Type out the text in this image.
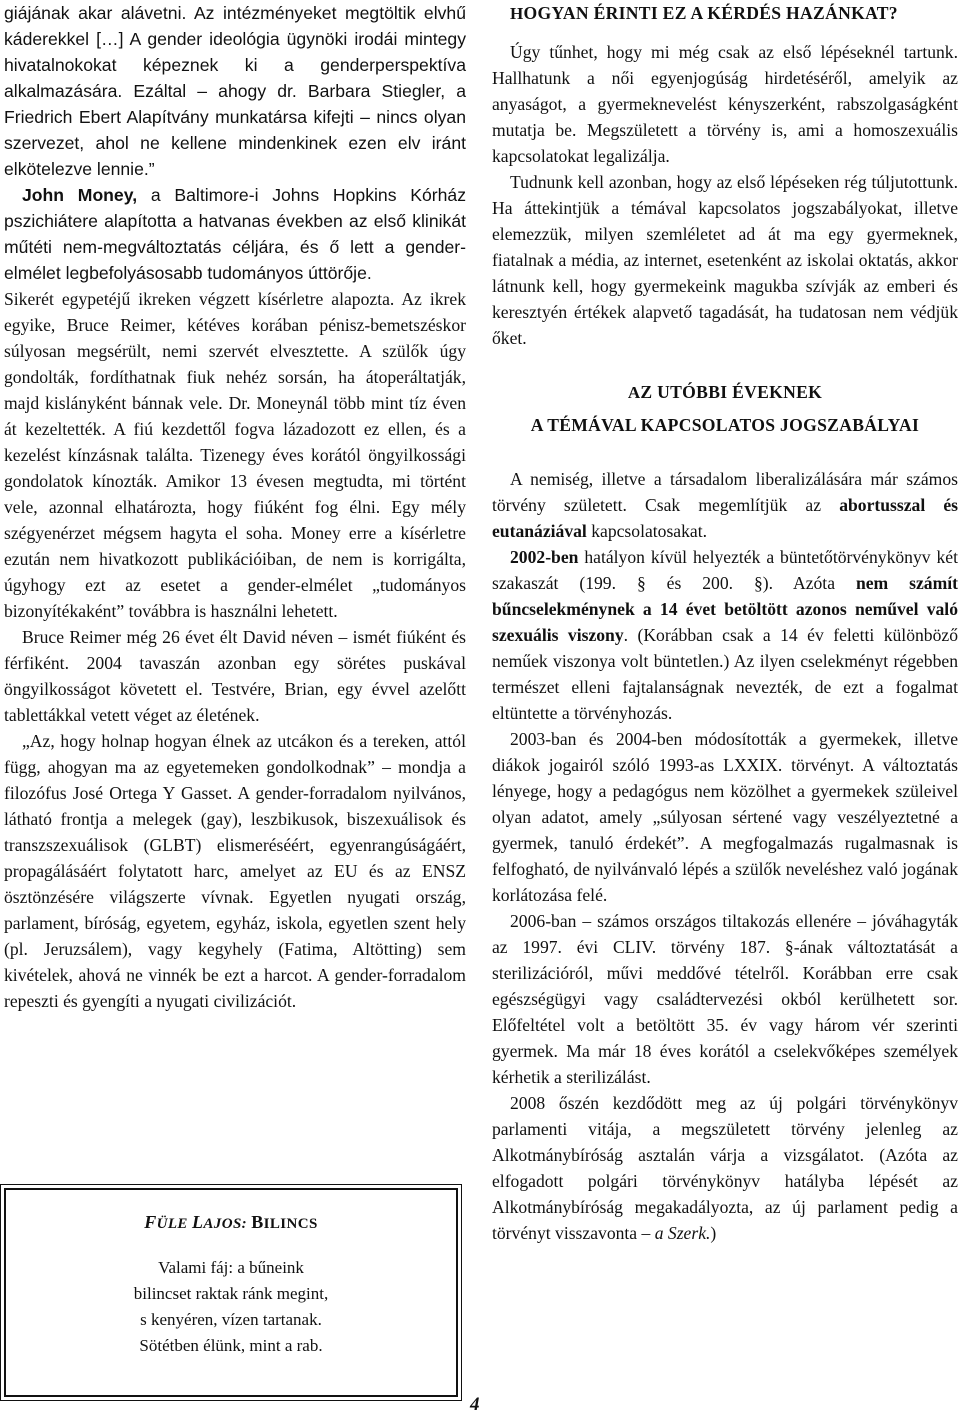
giájának akar alávetni. Az intézményeket megtöltik elvhű káderekkel […] A gender ideológia ügynöki irodái mintegy hivatalnokokat képeznek ki a genderperspektíva alkalmazására. Ezáltal – ahogy dr. Barbara Stiegler, a Friedrich Ebert Alapítvány munkatársa kifejti – nincs olyan szervezet, ahol ne kellene mindenkinek ezen elv iránt elkötelezve lennie.”

John Money, a Baltimore-i Johns Hopkins Kórház pszichiátere alapította a hatvanas években az első klinikát műtéti nem-megváltoztatás céljára, és ő lett a gender-elmélet legbefolyásosabb tudományos úttörője.

Sikerét egypetéjű ikreken végzett kísérletre alapozta. Az ikrek egyike, Bruce Reimer, kétéves korában pénisz-bemetszéskor súlyosan megsérült, nemi szervét elvesztette. A szülők úgy gondolták, fordíthatnak fiuk nehéz sorsán, ha átoperáltatják, majd kislányként bánnak vele. Dr. Moneynál több mint tíz éven át kezeltették. A fiú kezdettől fogva lázadozott ez ellen, és a kezelést kínzásnak találta. Tizenegy éves korától öngyilkossági gondolatok kínozták. Amikor 13 évesen megtudta, mi történt vele, azonnal elhatározta, hogy fiúként fog élni. Egy mély szégyenérzet mégsem hagyta el soha. Money erre a kísérletre ezután nem hivatkozott publikációiban, de nem is korrigálta, úgyhogy ezt az esetet a gender-elmélet „tudományos bizonyítékaként” továbbra is használni lehetett.

Bruce Reimer még 26 évet élt David néven – ismét fiúként és férfiként. 2004 tavaszán azonban egy sörétes puskával öngyilkosságot követett el. Testvére, Brian, egy évvel azelőtt tablettákkal vetett véget az életének.

„Az, hogy holnap hogyan élnek az utcákon és a tereken, attól függ, ahogyan ma az egyetemeken gondolkodnak” – mondja a filozófus José Ortega Y Gasset. A gender-forradalom nyilvános, látható frontja a melegek (gay), leszbikusok, biszexuálisok és transzszexuálisok (GLBT) elismeréséért, egyenrangúságáért, propagálásáért folytatott harc, amelyet az EU és az ENSZ ösztönzésére világszerte vívnak. Egyetlen nyugati ország, parlament, bíróság, egyetem, egyház, iskola, egyetlen szent hely (pl. Jeruzsálem), vagy kegyhely (Fatima, Altötting) sem kivételek, ahová ne vinnék be ezt a harcot. A gender-forradalom repeszti és gyengíti a nyugati civilizációt.

FÜLE LAJOS: BILINCS
Valami fáj: a bűneink
bilincset raktak ránk megint,
s kenyéren, vízen tartanak.
Sötétben élünk, mint a rab.

HOGYAN ÉRINTI EZ A KÉRDÉS HAZÁNKAT?

Úgy tűnhet, hogy mi még csak az első lépéseknél tartunk. Hallhatunk a női egyenjogúság hirdetéséről, amelyik az anyaságot, a gyermeknevelést kényszerként, rabszolgaságként mutatja be. Megszületett a törvény is, ami a homoszexuális kapcsolatokat legalizálja.

Tudnunk kell azonban, hogy az első lépéseken rég túljutottunk. Ha áttekintjük a témával kapcsolatos jogszabályokat, illetve elemezzük, milyen szemléletet ad át ma egy gyermeknek, fiatalnak a média, az internet, esetenként az iskolai oktatás, akkor látnunk kell, hogy gyermekeink magukba szívják az emberi és keresztyén értékek alapvető tagadását, ha tudatosan nem védjük őket.

AZ UTÓBBI ÉVEKNEK

A TÉMÁVAL KAPCSOLATOS JOGSZABÁLYAI

A nemiség, illetve a társadalom liberalizálására már számos törvény született. Csak megemlítjük az abortusszal és eutanáziával kapcsolatosakat.

2002-ben hatályon kívül helyezték a büntetőtörvénykönyv két szakaszát (199. § és 200. §). Azóta nem számít bűncselekménynek a 14 évet betöltött azonos neművel való szexuális viszony. (Korábban csak a 14 év feletti különböző neműek viszonya volt büntetlen.) Az ilyen cselekményt régebben természet elleni fajtalanságnak nevezték, de ezt a fogalmat eltüntette a törvényhozás.

2003-ban és 2004-ben módosították a gyermekek, illetve diákok jogairól szóló 1993-as LXXIX. törvényt. A változtatás lényege, hogy a pedagógus nem közölhet a gyermekek szüleivel olyan adatot, amely „súlyosan sértené vagy veszélyeztetné a gyermek, tanuló érdekét”. A megfogalmazás rugalmasnak is felfogható, de nyilvánvaló lépés a szülők neveléshez való jogának korlátozása felé.

2006-ban – számos országos tiltakozás ellenére – jóváhagyták az 1997. évi CLIV. törvény 187. §-ának változtatását a sterilizációról, művi meddővé tételről. Korábban erre csak egészségügyi vagy családtervezési okból kerülhetett sor. Előfeltétel volt a betöltött 35. év vagy három vér szerinti gyermek. Ma már 18 éves korától a cselekvőképes személyek kérhetik a sterilizálást.

2008 őszén kezdődött meg az új polgári törvénykönyv parlamenti vitája, a megszületett törvény jelenleg az Alkotmánybíróság asztalán várja a vizsgálatot. (Azóta az elfogadott polgári törvénykönyv hatályba lépését az Alkotmánybíróság megakadályozta, az új parlament pedig a törvényt visszavonta – a Szerk.)

4
